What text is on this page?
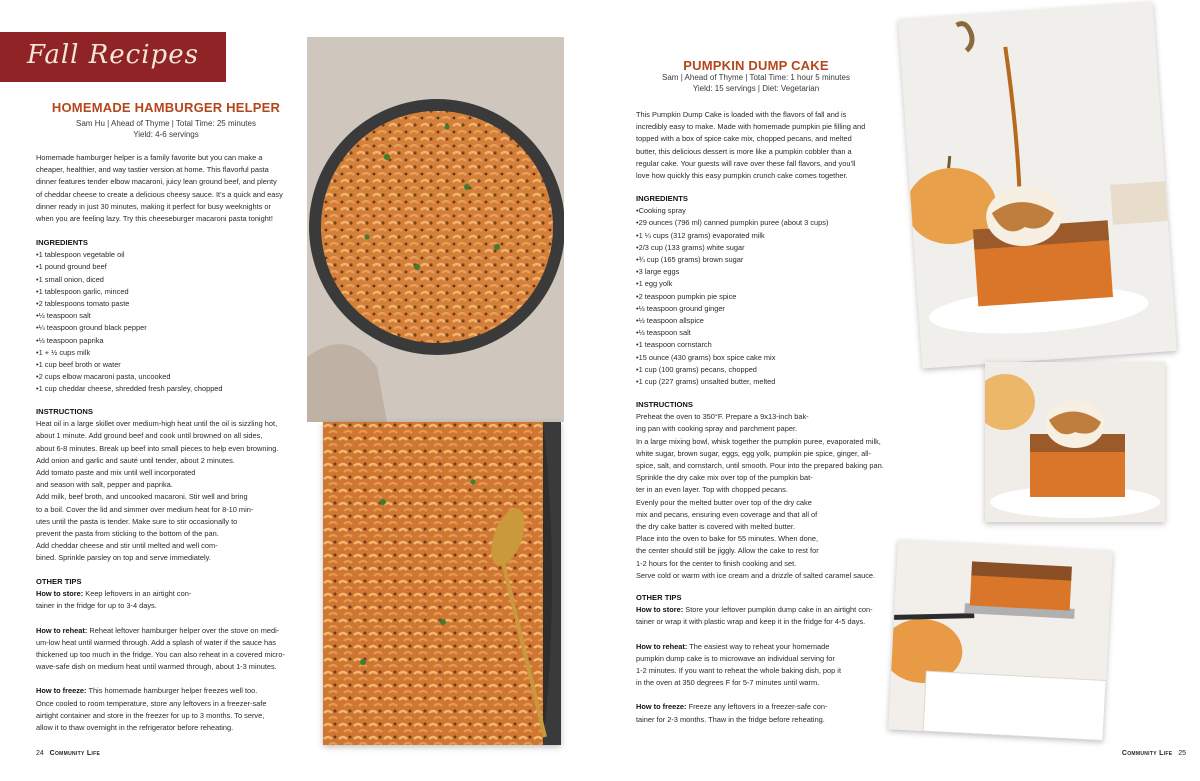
Fall Recipes
HOMEMADE HAMBURGER HELPER
Sam Hu | Ahead of Thyme | Total Time: 25 minutes
Yield: 4-6 servings

Homemade hamburger helper is a family favorite but you can make a

cheaper, healthier, and way tastier version at home. This flavorful pasta

dinner features tender elbow macaroni, juicy lean ground beef, and plenty

of cheddar cheese to create a delicious cheesy sauce. It’s a quick and easy

dinner ready in just 30 minutes, making it perfect for busy weeknights or

when you are feeling lazy. Try this cheeseburger macaroni pasta tonight!

INGREDIENTS
• 1 tablespoon vegetable oil
• 1 pound ground beef
• 1 small onion, diced
• 1 tablespoon garlic, minced
• 2 tablespoons tomato paste
• ½ teaspoon salt
• ¼ teaspoon ground black pepper
• ½ teaspoon paprika
• 1 + ½ cups milk
• 1 cup beef broth or water
• 2 cups elbow macaroni pasta, uncooked
• 1 cup cheddar cheese, shredded fresh parsley, chopped
INSTRUCTIONS

Heat oil in a large skillet over medium-high heat until the oil is sizzling hot,

about 1 minute. Add ground beef and cook until browned on all sides,

about 6-8 minutes. Break up beef into small pieces to help even browning.

Add onion and garlic and sauté until tender, about 2 minutes.

Add tomato paste and mix until well incorporated

and season with salt, pepper and paprika.

Add milk, beef broth, and uncooked macaroni. Stir well and bring

to a boil. Cover the lid and simmer over medium heat for 8-10 min-

utes until the pasta is tender. Make sure to stir occasionally to

prevent the pasta from sticking to the bottom of the pan.

Add cheddar cheese and stir until melted and well com-

bined. Sprinkle parsley on top and serve immediately.

OTHER TIPS

How to store: Keep leftovers in an airtight con-

tainer in the fridge for up to 3-4 days.

How to reheat: Reheat leftover hamburger helper over the stove on medi-

um-low heat until warmed through. Add a splash of water if the sauce has

thickened up too much in the fridge. You can also reheat in a covered micro-

wave-safe dish on medium heat until warmed through, about 1-3 minutes.

How to freeze: This homemade hamburger helper freezes well too.

Once cooled to room temperature, store any leftovers in a freezer-safe

airtight container and store in the freezer for up to 3 months. To serve,

allow it to thaw overnight in the refrigerator before reheating.

24 Community Life
PUMPKIN DUMP CAKE
Sam | Ahead of Thyme | Total Time: 1 hour 5 minutes
Yield: 15 servings | Diet: Vegetarian

This Pumpkin Dump Cake is loaded with the flavors of fall and is

incredibly easy to make. Made with homemade pumpkin pie filling and

topped with a box of spice cake mix, chopped pecans, and melted

butter, this delicious dessert is more like a pumpkin cobbler than a

regular cake. Your guests will rave over these fall flavors, and you’ll

love how quickly this easy pumpkin crunch cake comes together.

INGREDIENTS
• Cooking spray
• 29 ounces (796 ml) canned pumpkin puree (about 3 cups)
• 1 ¼ cups (312 grams) evaporated milk
• 2/3 cup (133 grams) white sugar
• ¾ cup (165 grams) brown sugar
• 3 large eggs
• 1 egg yolk
• 2 teaspoon pumpkin pie spice
• ½ teaspoon ground ginger
• ½ teaspoon allspice
• ½ teaspoon salt
• 1 teaspoon cornstarch
• 15 ounce (430 grams) box spice cake mix
• 1 cup (100 grams) pecans, chopped
• 1 cup (227 grams) unsalted butter, melted
INSTRUCTIONS

Preheat the oven to 350°F. Prepare a 9x13-inch bak-

ing pan with cooking spray and parchment paper.

In a large mixing bowl, whisk together the pumpkin puree, evaporated milk,

white sugar, brown sugar, eggs, egg yolk, pumpkin pie spice, ginger, all-

spice, salt, and cornstarch, until smooth. Pour into the prepared baking pan.

Sprinkle the dry cake mix over top of the pumpkin bat-

ter in an even layer. Top with chopped pecans.

Evenly pour the melted butter over top of the dry cake

mix and pecans, ensuring even coverage and that all of

the dry cake batter is covered with melted butter.

Place into the oven to bake for 55 minutes. When done,

the center should still be jiggly. Allow the cake to rest for

1-2 hours for the center to finish cooking and set.

Serve cold or warm with ice cream and a drizzle of salted caramel sauce.

OTHER TIPS

How to store: Store your leftover pumpkin dump cake in an airtight con-

tainer or wrap it with plastic wrap and keep it in the fridge for 4-5 days.

How to reheat: The easiest way to reheat your homemade

pumpkin dump cake is to microwave an individual serving for

1-2 minutes. If you want to reheat the whole baking dish, pop it

in the oven at 350 degrees F for 5-7 minutes until warm.

How to freeze: Freeze any leftovers in a freezer-safe con-

tainer for 2-3 months. Thaw in the fridge before reheating.

Community Life 25
